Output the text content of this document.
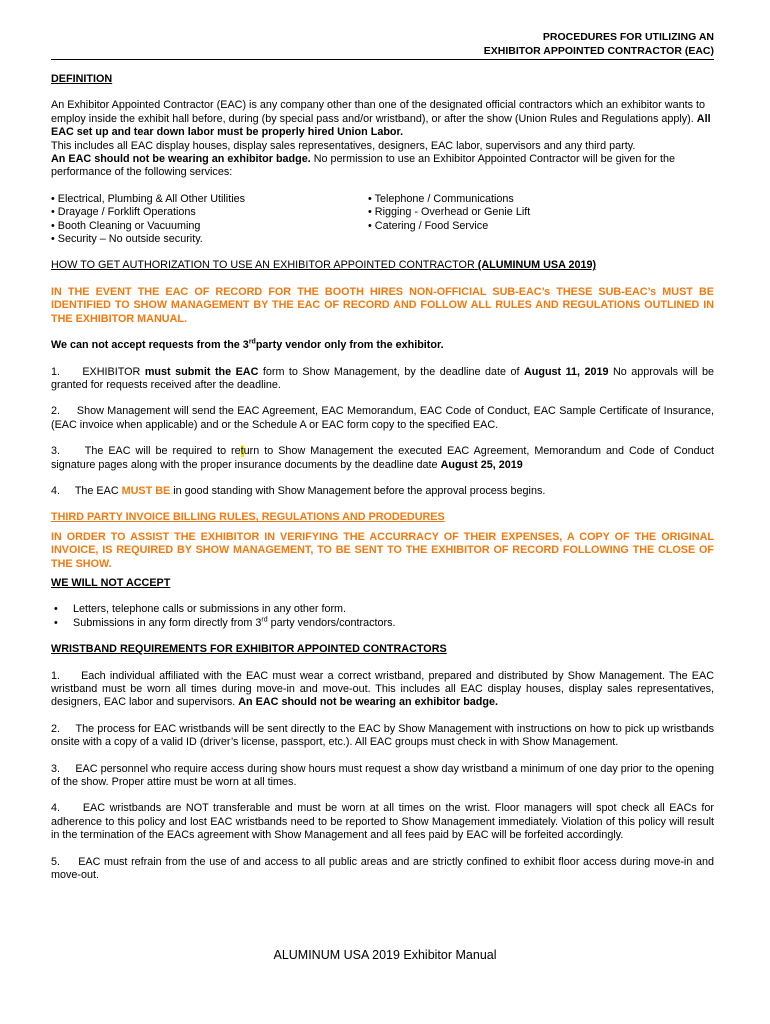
PROCEDURES FOR UTILIZING AN
EXHIBITOR APPOINTED CONTRACTOR (EAC)

DEFINITION

An Exhibitor Appointed Contractor (EAC) is any company other than one of the designated official contractors which an exhibitor wants to employ inside the exhibit hall before, during (by special pass and/or wristband), or after the show (Union Rules and Regulations apply). All EAC set up and tear down labor must be properly hired Union Labor.
This includes all EAC display houses, display sales representatives, designers, EAC labor, supervisors and any third party.
An EAC should not be wearing an exhibitor badge. No permission to use an Exhibitor Appointed Contractor will be given for the performance of the following services:

• Electrical, Plumbing & All Other Utilities

• Drayage / Forklift Operations

• Booth Cleaning or Vacuuming

• Security – No outside security.

• Telephone / Communications

• Rigging - Overhead or Genie Lift

• Catering / Food Service

HOW TO GET AUTHORIZATION TO USE AN EXHIBITOR APPOINTED CONTRACTOR (ALUMINUM USA 2019)

IN THE EVENT THE EAC OF RECORD FOR THE BOOTH HIRES NON-OFFICIAL SUB-EAC’s THESE SUB-EAC’s MUST BE IDENTIFIED TO SHOW MANAGEMENT BY THE EAC OF RECORD AND FOLLOW ALL RULES AND REGULATIONS OUTLINED IN THE EXHIBITOR MANUAL.

We can not accept requests from the 3rdparty vendor only from the exhibitor.

1. EXHIBITOR must submit the EAC form to Show Management, by the deadline date of August 11, 2019 No approvals will be granted for requests received after the deadline.

2. Show Management will send the EAC Agreement, EAC Memorandum, EAC Code of Conduct, EAC Sample Certificate of Insurance, (EAC invoice when applicable) and or the Schedule A or EAC form copy to the specified EAC.

3. The EAC will be required to return to Show Management the executed EAC Agreement, Memorandum and Code of Conduct signature pages along with the proper insurance documents by the deadline date August 25, 2019

4. The EAC MUST BE in good standing with Show Management before the approval process begins.

THIRD PARTY INVOICE BILLING RULES, REGULATIONS AND PRODEDURES

IN ORDER TO ASSIST THE EXHIBITOR IN VERIFYING THE ACCURRACY OF THEIR EXPENSES, A COPY OF THE ORIGINAL INVOICE, IS REQUIRED BY SHOW MANAGEMENT, TO BE SENT TO THE EXHIBITOR OF RECORD FOLLOWING THE CLOSE OF THE SHOW.

WE WILL NOT ACCEPT

•	Letters, telephone calls or submissions in any other form.
•	Submissions in any form directly from 3rd party vendors/contractors.

WRISTBAND REQUIREMENTS FOR EXHIBITOR APPOINTED CONTRACTORS

1. Each individual affiliated with the EAC must wear a correct wristband, prepared and distributed by Show Management. The EAC wristband must be worn all times during move-in and move-out. This includes all EAC display houses, display sales representatives, designers, EAC labor and supervisors. An EAC should not be wearing an exhibitor badge.

2. The process for EAC wristbands will be sent directly to the EAC by Show Management with instructions on how to pick up wristbands onsite with a copy of a valid ID (driver’s license, passport, etc.). All EAC groups must check in with Show Management.

3. EAC personnel who require access during show hours must request a show day wristband a minimum of one day prior to the opening of the show. Proper attire must be worn at all times.

4. EAC wristbands are NOT transferable and must be worn at all times on the wrist. Floor managers will spot check all EACs for adherence to this policy and lost EAC wristbands need to be reported to Show Management immediately. Violation of this policy will result in the termination of the EACs agreement with Show Management and all fees paid by EAC will be forfeited accordingly.

5. EAC must refrain from the use of and access to all public areas and are strictly confined to exhibit floor access during move-in and move-out.

ALUMINUM USA 2019 Exhibitor Manual
